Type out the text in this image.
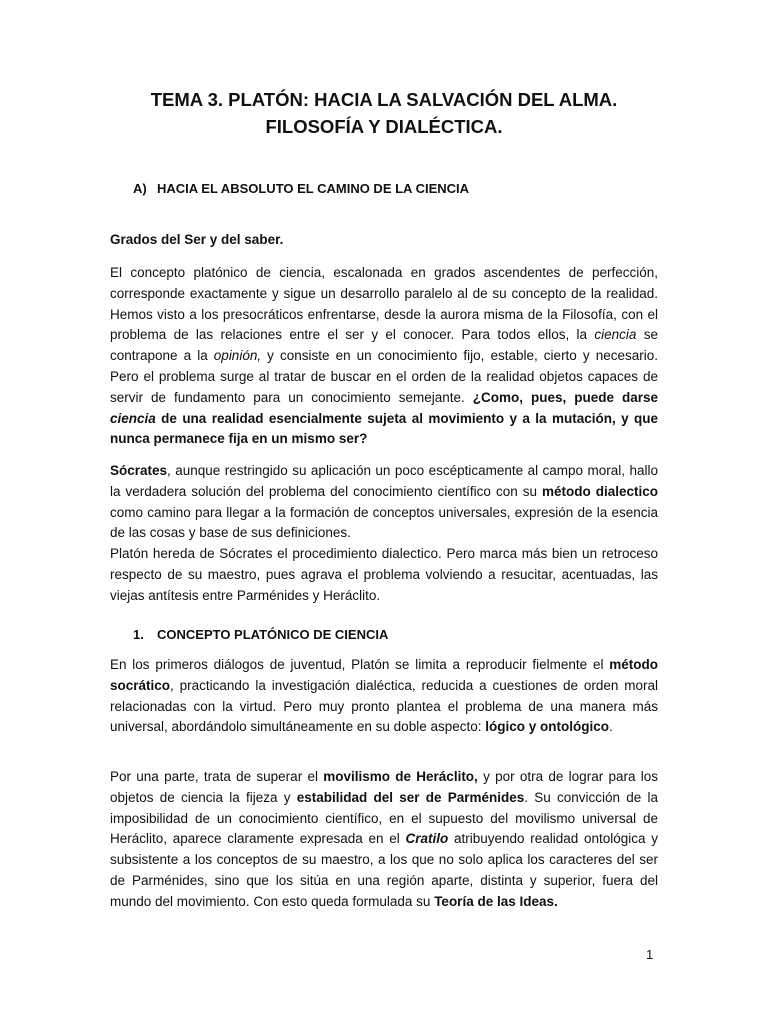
TEMA 3. PLATÓN: HACIA LA SALVACIÓN DEL ALMA. FILOSOFÍA Y DIALÉCTICA.
A) HACIA EL ABSOLUTO EL CAMINO DE LA CIENCIA
Grados del Ser y del saber.

El concepto platónico de ciencia, escalonada en grados ascendentes de perfección, corresponde exactamente y sigue un desarrollo paralelo al de su concepto de la realidad. Hemos visto a los presocráticos enfrentarse, desde la aurora misma de la Filosofía, con el problema de las relaciones entre el ser y el conocer. Para todos ellos, la ciencia se contrapone a la opinión, y consiste en un conocimiento fijo, estable, cierto y necesario. Pero el problema surge al tratar de buscar en el orden de la realidad objetos capaces de servir de fundamento para un conocimiento semejante. ¿Como, pues, puede darse ciencia de una realidad esencialmente sujeta al movimiento y a la mutación, y que nunca permanece fija en un mismo ser?

Sócrates, aunque restringido su aplicación un poco escépticamente al campo moral, hallo la verdadera solución del problema del conocimiento científico con su método dialectico como camino para llegar a la formación de conceptos universales, expresión de la esencia de las cosas y base de sus definiciones.

Platón hereda de Sócrates el procedimiento dialectico. Pero marca más bien un retroceso respecto de su maestro, pues agrava el problema volviendo a resucitar, acentuadas, las viejas antítesis entre Parménides y Heráclito.

1. CONCEPTO PLATÓNICO DE CIENCIA

En los primeros diálogos de juventud, Platón se limita a reproducir fielmente el método socrático, practicando la investigación dialéctica, reducida a cuestiones de orden moral relacionadas con la virtud. Pero muy pronto plantea el problema de una manera más universal, abordándolo simultáneamente en su doble aspecto: lógico y ontológico.

Por una parte, trata de superar el movilismo de Heráclito, y por otra de lograr para los objetos de ciencia la fijeza y estabilidad del ser de Parménides. Su convicción de la imposibilidad de un conocimiento científico, en el supuesto del movilismo universal de Heráclito, aparece claramente expresada en el Cratilo atribuyendo realidad ontológica y subsistente a los conceptos de su maestro, a los que no solo aplica los caracteres del ser de Parménides, sino que los sitúa en una región aparte, distinta y superior, fuera del mundo del movimiento. Con esto queda formulada su Teoría de las Ideas.

1
